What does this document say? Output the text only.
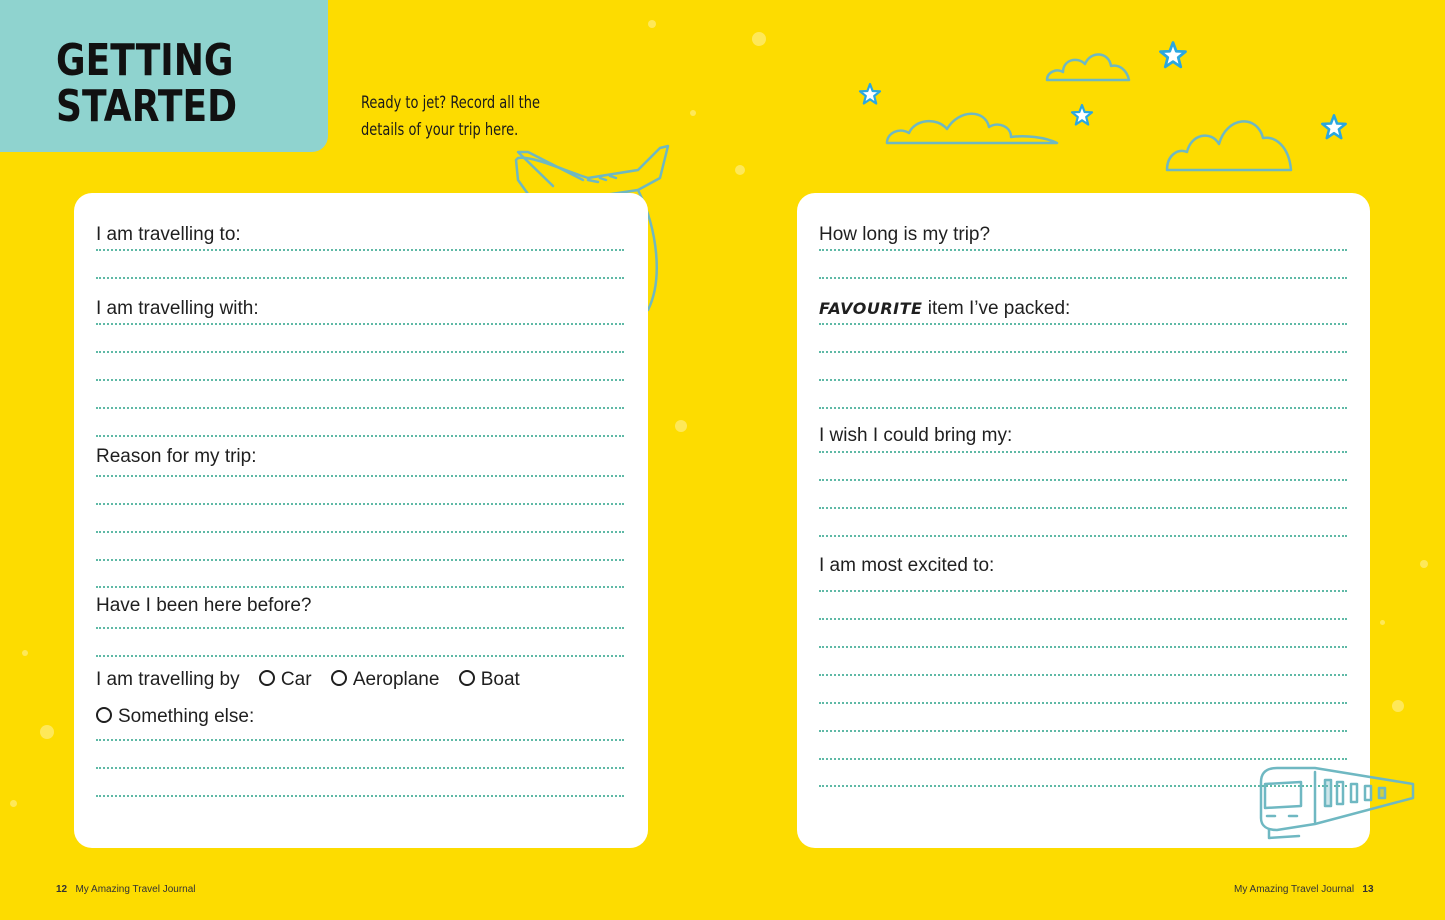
GETTING
STARTED	Ready to jet? Record all the
details of your trip here.
I am travelling to:
I am travelling with:
Reason for my trip:
Have I been here before?
I am travelling by Car Aeroplane Boat
Something else:
How long is my trip?
FAVOURITE item I’ve packed:
I wish I could bring my:
I am most excited to:
12 My Amazing Travel Journal	My Amazing Travel Journal 13
